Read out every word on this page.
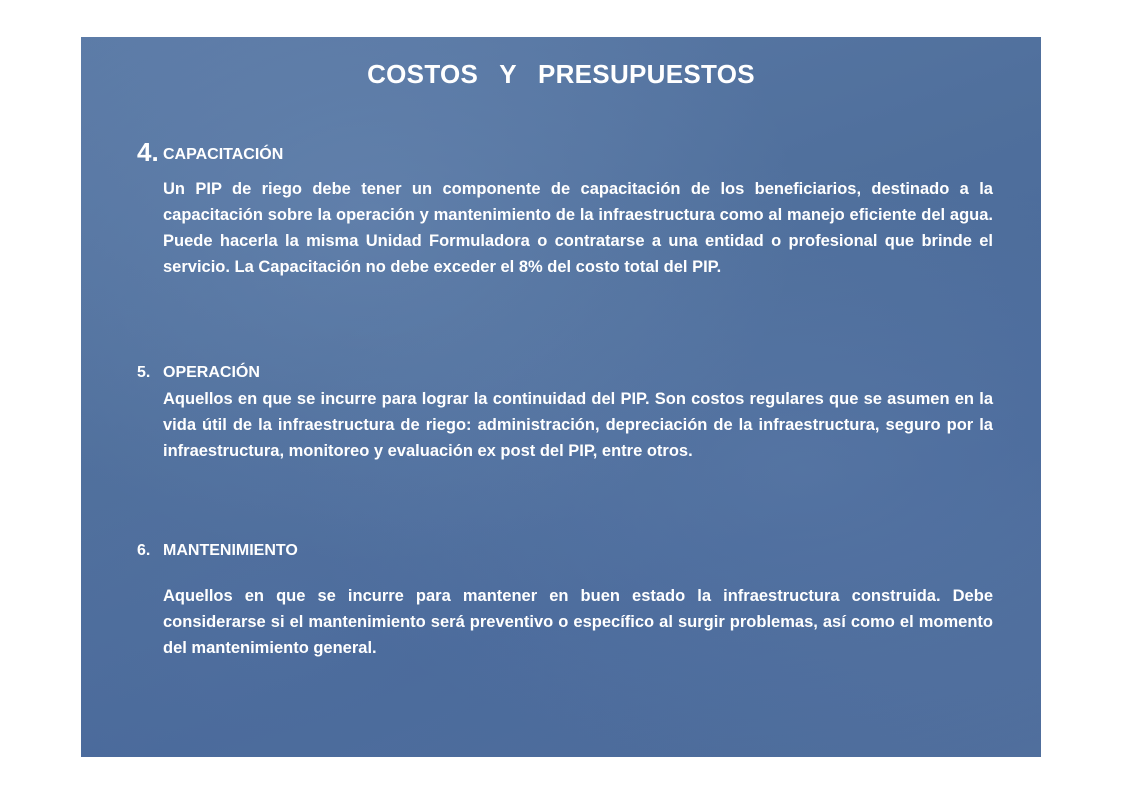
COSTOS Y PRESUPUESTOS
4. CAPACITACIÓN
Un PIP de riego debe tener un componente de capacitación de los beneficiarios, destinado a la capacitación sobre la operación y mantenimiento de la infraestructura como al manejo eficiente del agua. Puede hacerla la misma Unidad Formuladora o contratarse a una entidad o profesional que brinde el servicio. La Capacitación no debe exceder el 8% del costo total del PIP.
5. OPERACIÓN
Aquellos en que se incurre para lograr la continuidad del PIP. Son costos regulares que se asumen en la vida útil de la infraestructura de riego: administración, depreciación de la infraestructura, seguro por la infraestructura, monitoreo y evaluación ex post del PIP, entre otros.
6. MANTENIMIENTO
Aquellos en que se incurre para mantener en buen estado la infraestructura construida. Debe considerarse si el mantenimiento será preventivo o específico al surgir problemas, así como el momento del mantenimiento general.
